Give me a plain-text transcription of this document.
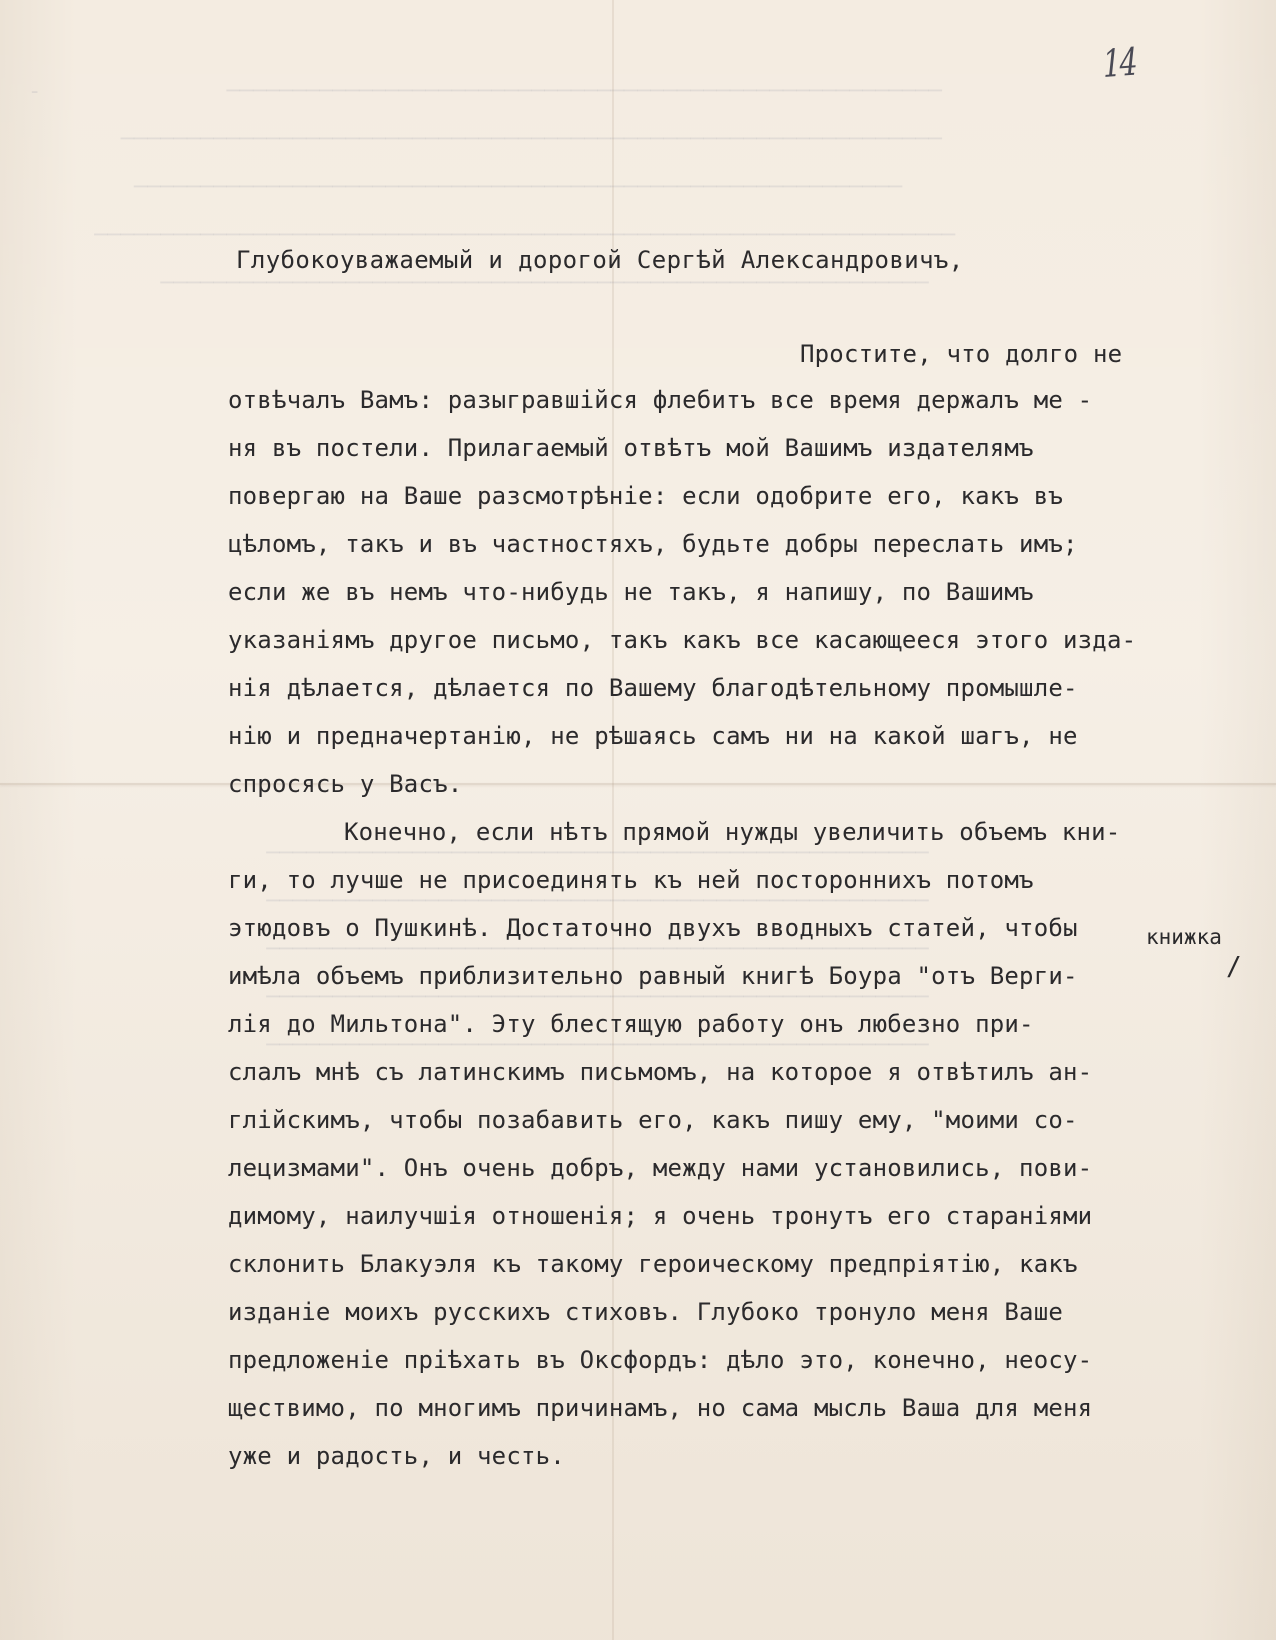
-              ──────────────────────────────────────────────────────
──────────────────────────────────────────────────────────────
──────────────────────────────────────────────────────────
─────────────────────────────────────────────────────────────────
──────────────────────────────────────────────────────────
──────────────────────────────────────────────────
──────────────────────────────────────────────────
──────────────────────────────────────────────────
──────────────────────────────────────────────────
──────────────────────────────────────────────────
14
Глубокоуважаемый и дорогой Сергѣй Александровичъ,
Простите, что долго не
отвѣчалъ Вамъ: разыгравшiйся флебитъ все время держалъ ме -
ня въ постели. Прилагаемый отвѣтъ мой Вашимъ издателямъ
повергаю на Ваше разсмотрѣнiе: если одобрите его, какъ въ
цѣломъ, такъ и въ частностяхъ, будьте добры переслать имъ;
если же въ немъ что-нибудь не такъ, я напишу, по Вашимъ
указанiямъ другое письмо, такъ какъ все касающееся этого изда-
нiя дѣлается, дѣлается по Вашему благодѣтельному промышле-
нiю и предначертанiю, не рѣшаясь самъ ни на какой шагъ, не
спросясь у Васъ.
Конечно, если нѣтъ прямой нужды увеличить объемъ кни-
ги, то лучше не присоединять къ ней постороннихъ потомъ
этюдовъ о Пушкинѣ. Достаточно двухъ вводныхъ статей, чтобы
имѣла объемъ приблизительно равный книгѣ Боура "отъ Верги-
лiя до Мильтона". Эту блестящую работу онъ любезно при-
слалъ мнѣ съ латинскимъ письмомъ, на которое я отвѣтилъ ан-
глiйскимъ, чтобы позабавить его, какъ пишу ему, "моими со-
лецизмами". Онъ очень добръ, между нами установились, пови-
димому, наилучшiя отношенiя; я очень тронутъ его старанiями
склонить Блакуэля къ такому героическому предпрiятiю, какъ
изданiе моихъ русскихъ стиховъ. Глубоко тронуло меня Ваше
предложенiе прiѣхать въ Оксфордъ: дѣло это, конечно, неосу-
ществимо, по многимъ причинамъ, но сама мысль Ваша для меня
уже и радость, и честь.
книжка
/
